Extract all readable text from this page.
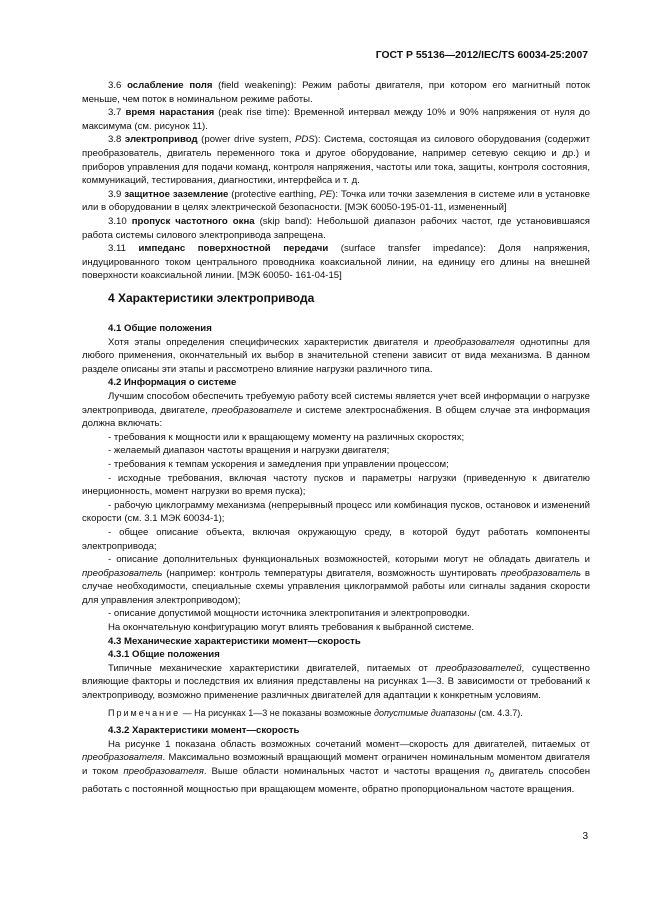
ГОСТ Р 55136—2012/IEC/TS 60034-25:2007

3.6 ослабление поля (field weakening): Режим работы двигателя, при котором его магнитный поток меньше, чем поток в номинальном режиме работы.

3.7 время нарастания (peak rise time): Временной интервал между 10% и 90% напряжения от нуля до максимума (см. рисунок 11).

3.8 электропривод (power drive system, PDS): Система, состоящая из силового оборудования (содержит преобразователь, двигатель переменного тока и другое оборудование, например сетевую секцию и др.) и приборов управления для подачи команд, контроля напряжения, частоты или тока, защиты, контроля состояния, коммуникаций, тестирования, диагностики, интерфейса и т. д.

3.9 защитное заземление (protective earthing, PE): Точка или точки заземления в системе или в установке или в оборудовании в целях электрической безопасности. [МЭК 60050-195-01-11, измененный]

3.10 пропуск частотного окна (skip band): Небольшой диапазон рабочих частот, где установившаяся работа системы силового электропривода запрещена.

3.11 импеданс поверхностной передачи (surface transfer impedance): Доля напряжения, индуцированного током центрального проводника коаксиальной линии, на единицу его длины на внешней поверхности коаксиальной линии. [МЭК 60050- 161-04-15]

4 Характеристики электропривода

4.1 Общие положения

Хотя этапы определения специфических характеристик двигателя и преобразователя однотипны для любого применения, окончательный их выбор в значительной степени зависит от вида механизма. В данном разделе описаны эти этапы и рассмотрено влияние нагрузки различного типа.

4.2 Информация о системе

Лучшим способом обеспечить требуемую работу всей системы является учет всей информации о нагрузке электропривода, двигателе, преобразователе и системе электроснабжения. В общем случае эта информация должна включать:

- требования к мощности или к вращающему моменту на различных скоростях;

- желаемый диапазон частоты вращения и нагрузки двигателя;

- требования к темпам ускорения и замедления при управлении процессом;

- исходные требования, включая частоту пусков и параметры нагрузки (приведенную к двигателю инерционность, момент нагрузки во время пуска);

- рабочую циклограмму механизма (непрерывный процесс или комбинация пусков, остановок и изменений скорости (см. 3.1 МЭК 60034-1);

- общее описание объекта, включая окружающую среду, в которой будут работать компоненты электропривода;

- описание дополнительных функциональных возможностей, которыми могут не обладать двигатель и преобразователь (например: контроль температуры двигателя, возможность шунтировать преобразователь в случае необходимости, специальные схемы управления циклограммой работы или сигналы задания скорости для управления электроприводом);

- описание допустимой мощности источника электропитания и электропроводки.

На окончательную конфигурацию могут влиять требования к выбранной системе.

4.3 Механические характеристики момент—скорость

4.3.1 Общие положения

Типичные механические характеристики двигателей, питаемых от преобразователей, существенно влияющие факторы и последствия их влияния представлены на рисунках 1—3. В зависимости от требований к электроприводу, возможно применение различных двигателей для адаптации к конкретным условиям.

Примечание — На рисунках 1—3 не показаны возможные допустимые диапазоны (см. 4.3.7).

4.3.2 Характеристики момент—скорость

На рисунке 1 показана область возможных сочетаний момент—скорость для двигателей, питаемых от преобразователя. Максимально возможный вращающий момент ограничен номинальным моментом двигателя и током преобразователя. Выше области номинальных частот и частоты вращения $n_0$ двигатель способен работать с постоянной мощностью при вращающем моменте, обратно пропорциональном частоте вращения.

3
